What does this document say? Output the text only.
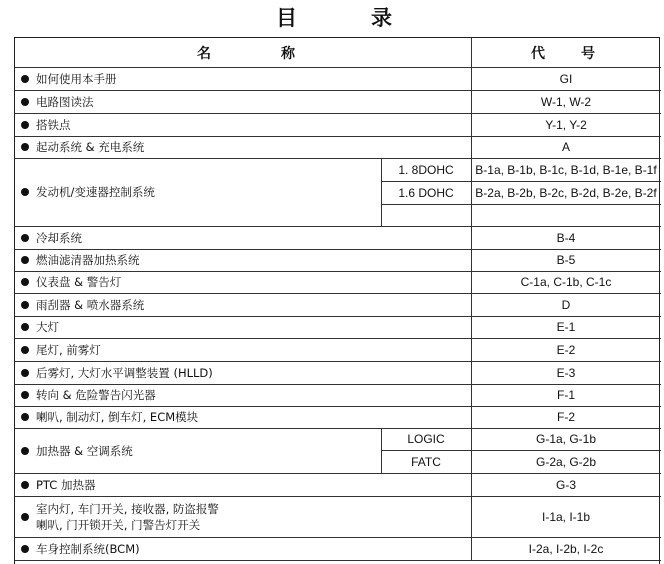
目	录
名	称	代	号
如何使用本手册	GI
电路图读法	W-1, W-2
搭铁点	Y-1, Y-2
起动系统 & 充电系统	A
发动机/变速器控制系统
1. 8DOHC	B-1a, B-1b, B-1c, B-1d, B-1e, B-1f
1.6 DOHC	B-2a, B-2b, B-2c, B-2d, B-2e, B-2f
冷却系统	B-4
燃油滤清器加热系统	B-5
仪表盘 & 警告灯	C-1a, C-1b, C-1c
雨刮器 & 喷水器系统	D
大灯	E-1
尾灯, 前雾灯	E-2
后雾灯, 大灯水平调整装置 (HLLD)	E-3
转向 & 危险警告闪光器	F-1
喇叭, 制动灯, 倒车灯, ECM模块	F-2
加热器 & 空调系统
LOGIC	G-1a, G-1b
FATC	G-2a, G-2b
PTC 加热器	G-3
室内灯, 车门开关, 接收器, 防盗报警
喇叭, 门开锁开关, 门警告灯开关
I-1a, I-1b
车身控制系统(BCM)	I-2a, I-2b, I-2c
